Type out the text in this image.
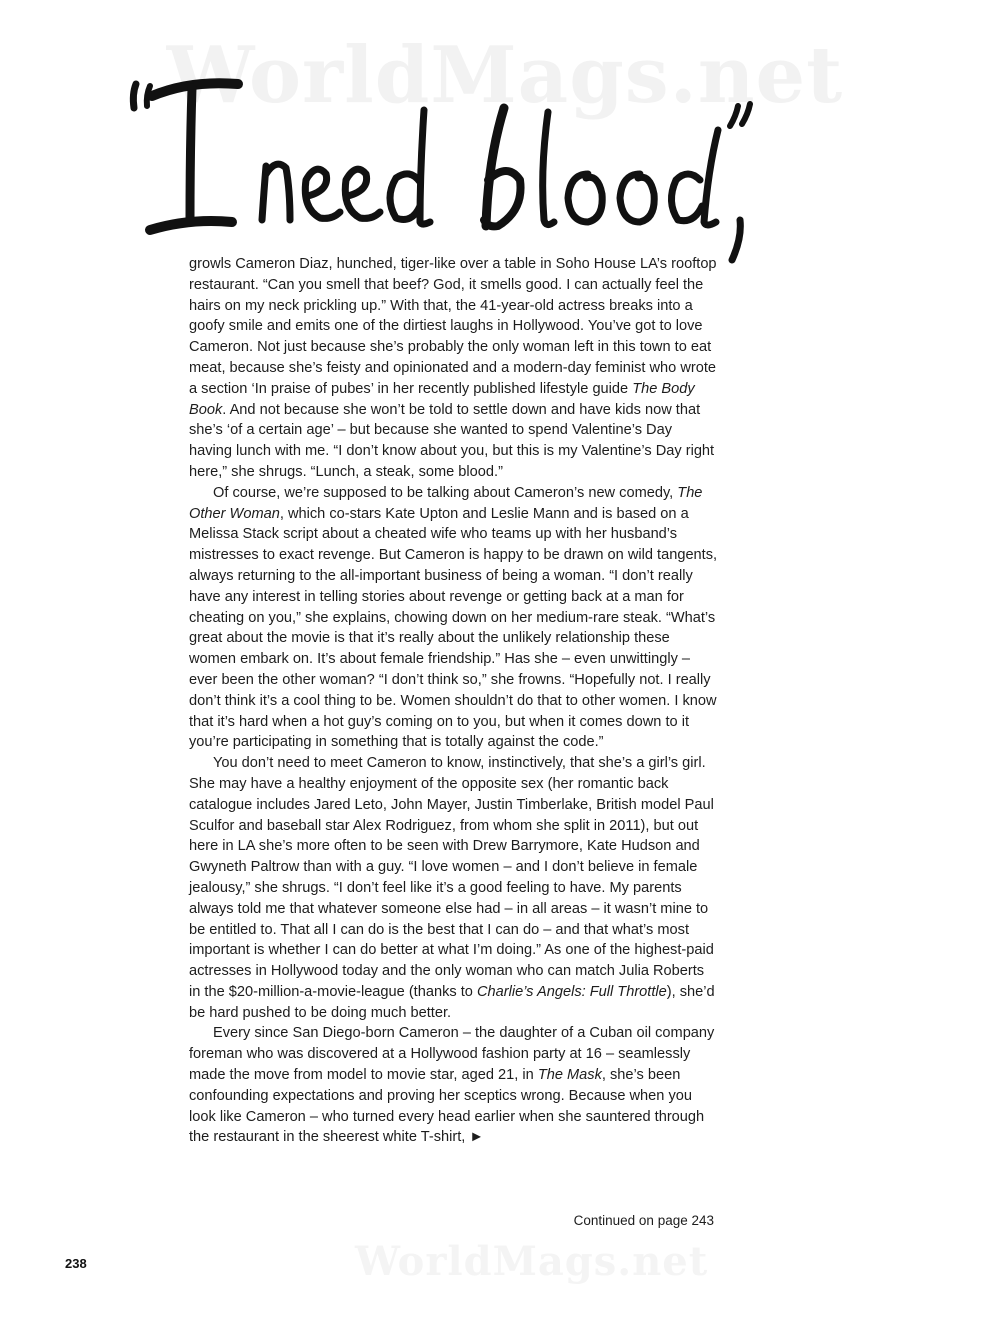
WorldMags.net

growls Cameron Diaz, hunched, tiger-like over a table in Soho House LA’s rooftop restaurant. “Can you smell that beef? God, it smells good. I can actually feel the hairs on my neck prickling up.” With that, the 41-year-old actress breaks into a goofy smile and emits one of the dirtiest laughs in Hollywood. You’ve got to love Cameron. Not just because she’s probably the only woman left in this town to eat meat, because she’s feisty and opinionated and a modern-day feminist who wrote a section ‘In praise of pubes’ in her recently published lifestyle guide The Body Book. And not because she won’t be told to settle down and have kids now that she’s ‘of a certain age’ – but because she wanted to spend Valentine’s Day having lunch with me. “I don’t know about you, but this is my Valentine’s Day right here,” she shrugs. “Lunch, a steak, some blood.”

Of course, we’re supposed to be talking about Cameron’s new comedy, The Other Woman, which co-stars Kate Upton and Leslie Mann and is based on a Melissa Stack script about a cheated wife who teams up with her husband’s mistresses to exact revenge. But Cameron is happy to be drawn on wild tangents, always returning to the all-important business of being a woman. “I don’t really have any interest in telling stories about revenge or getting back at a man for cheating on you,” she explains, chowing down on her medium-rare steak. “What’s great about the movie is that it’s really about the unlikely relationship these women embark on. It’s about female friendship.” Has she – even unwittingly – ever been the other woman? “I don’t think so,” she frowns. “Hopefully not. I really don’t think it’s a cool thing to be. Women shouldn’t do that to other women. I know that it’s hard when a hot guy’s coming on to you, but when it comes down to it you’re participating in something that is totally against the code.”

You don’t need to meet Cameron to know, instinctively, that she’s a girl’s girl. She may have a healthy enjoyment of the opposite sex (her romantic back catalogue includes Jared Leto, John Mayer, Justin Timberlake, British model Paul Sculfor and baseball star Alex Rodriguez, from whom she split in 2011), but out here in LA she’s more often to be seen with Drew Barrymore, Kate Hudson and Gwyneth Paltrow than with a guy. “I love women – and I don’t believe in female jealousy,” she shrugs. “I don’t feel like it’s a good feeling to have. My parents always told me that whatever someone else had – in all areas – it wasn’t mine to be entitled to. That all I can do is the best that I can do – and that what’s most important is whether I can do better at what I’m doing.” As one of the highest-paid actresses in Hollywood today and the only woman who can match Julia Roberts in the $20-million-a-movie-league (thanks to Charlie’s Angels: Full Throttle), she’d be hard pushed to be doing much better.

Every since San Diego-born Cameron – the daughter of a Cuban oil company foreman who was discovered at a Hollywood fashion party at 16 – seamlessly made the move from model to movie star, aged 21, in The Mask, she’s been confounding expectations and proving her sceptics wrong. Because when you look like Cameron – who turned every head earlier when she sauntered through the restaurant in the sheerest white T-shirt, ►

Continued on page 243
WorldMags.net
238
